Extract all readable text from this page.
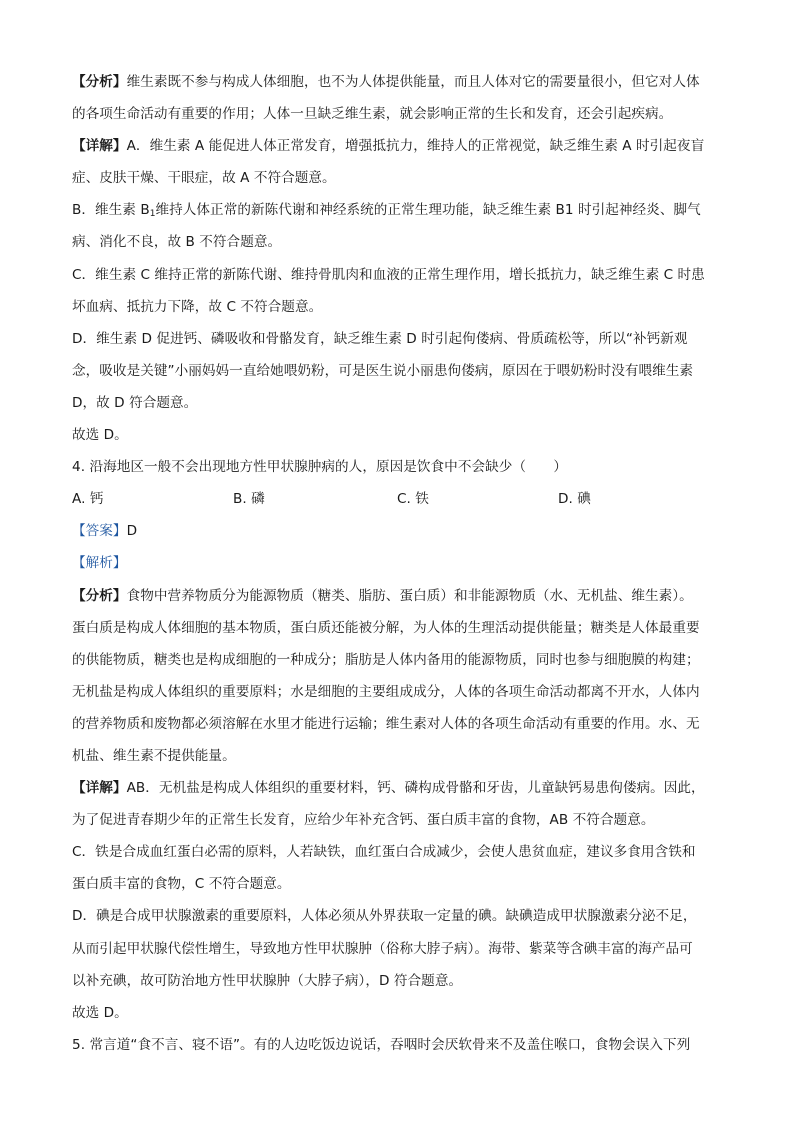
【分析】维生素既不参与构成人体细胞，也不为人体提供能量，而且人体对它的需要量很小，但它对人体
的各项生命活动有重要的作用；人体一旦缺乏维生素，就会影响正常的生长和发育，还会引起疾病。
【详解】A．维生素 A 能促进人体正常发育，增强抵抗力，维持人的正常视觉，缺乏维生素 A 时引起夜盲
症、皮肤干燥、干眼症，故 A 不符合题意。
B．维生素 $B_1$维持人体正常的新陈代谢和神经系统的正常生理功能，缺乏维生素 B1 时引起神经炎、脚气
病、消化不良，故 B 不符合题意。
C．维生素 C 维持正常的新陈代谢、维持骨肌肉和血液的正常生理作用，增长抵抗力，缺乏维生素 C 时患
坏血病、抵抗力下降，故 C 不符合题意。
D．维生素 D 促进钙、磷吸收和骨骼发育，缺乏维生素 D 时引起佝偻病、骨质疏松等，所以“补钙新观
念，吸收是关键”小丽妈妈一直给她喂奶粉，可是医生说小丽患佝偻病，原因在于喂奶粉时没有喂维生素
D，故 D 符合题意。
故选 D。
4. 沿海地区一般不会出现地方性甲状腺肿病的人，原因是饮食中不会缺少（　　）
A. 钙	B. 磷	C. 铁	D. 碘
【答案】D
【解析】
【分析】食物中营养物质分为能源物质（糖类、脂肪、蛋白质）和非能源物质（水、无机盐、维生素）。
蛋白质是构成人体细胞的基本物质，蛋白质还能被分解，为人体的生理活动提供能量；糖类是人体最重要
的供能物质，糖类也是构成细胞的一种成分；脂肪是人体内备用的能源物质，同时也参与细胞膜的构建；
无机盐是构成人体组织的重要原料；水是细胞的主要组成成分，人体的各项生命活动都离不开水，人体内
的营养物质和废物都必须溶解在水里才能进行运输；维生素对人体的各项生命活动有重要的作用。水、无
机盐、维生素不提供能量。
【详解】AB．无机盐是构成人体组织的重要材料，钙、磷构成骨骼和牙齿，儿童缺钙易患佝偻病。因此，
为了促进青春期少年的正常生长发育，应给少年补充含钙、蛋白质丰富的食物，AB 不符合题意。
C．铁是合成血红蛋白必需的原料，人若缺铁，血红蛋白合成减少，会使人患贫血症，建议多食用含铁和
蛋白质丰富的食物，C 不符合题意。
D．碘是合成甲状腺激素的重要原料，人体必须从外界获取一定量的碘。缺碘造成甲状腺激素分泌不足，
从而引起甲状腺代偿性增生，导致地方性甲状腺肿（俗称大脖子病）。海带、紫菜等含碘丰富的海产品可
以补充碘，故可防治地方性甲状腺肿（大脖子病），D 符合题意。
故选 D。
5. 常言道“食不言、寝不语”。有的人边吃饭边说话，吞咽时会厌软骨来不及盖住喉口，食物会误入下列
